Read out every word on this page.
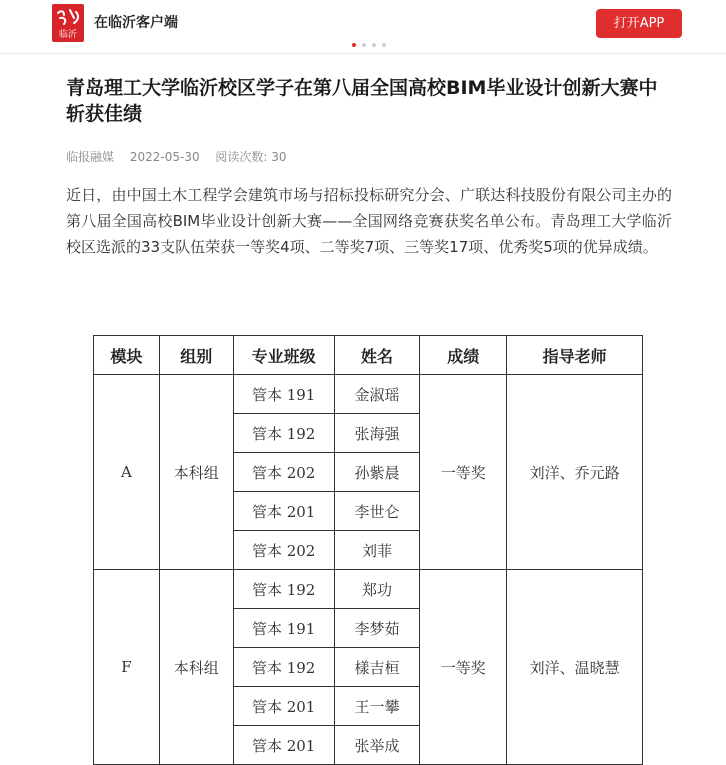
临沂
在临沂客户端	打开APP
青岛理工大学临沂校区学子在第八届全国高校BIM毕业设计创新大赛中斩获佳绩
临报融媒 2022-05-30 阅读次数: 30

近日，由中国土木工程学会建筑市场与招标投标研究分会、广联达科技股份有限公司主办的第八届全国高校BIM毕业设计创新大赛——全国网络竞赛获奖名单公布。青岛理工大学临沂校区选派的33支队伍荣获一等奖4项、二等奖7项、三等奖17项、优秀奖5项的优异成绩。

模块	组别	专业班级	姓名	成绩	指导老师
A	本科组	管本 191	金淑瑶	一等奖	刘洋、乔元路
		管本 192	张海强		
		管本 202	孙紫晨		
		管本 201	李世仑		
		管本 202	刘菲		
F	本科组	管本 192	郑功	一等奖	刘洋、温晓慧
		管本 191	李梦茹		
		管本 192	樣吉桓		
		管本 201	王一攀		
		管本 201	张举成		
